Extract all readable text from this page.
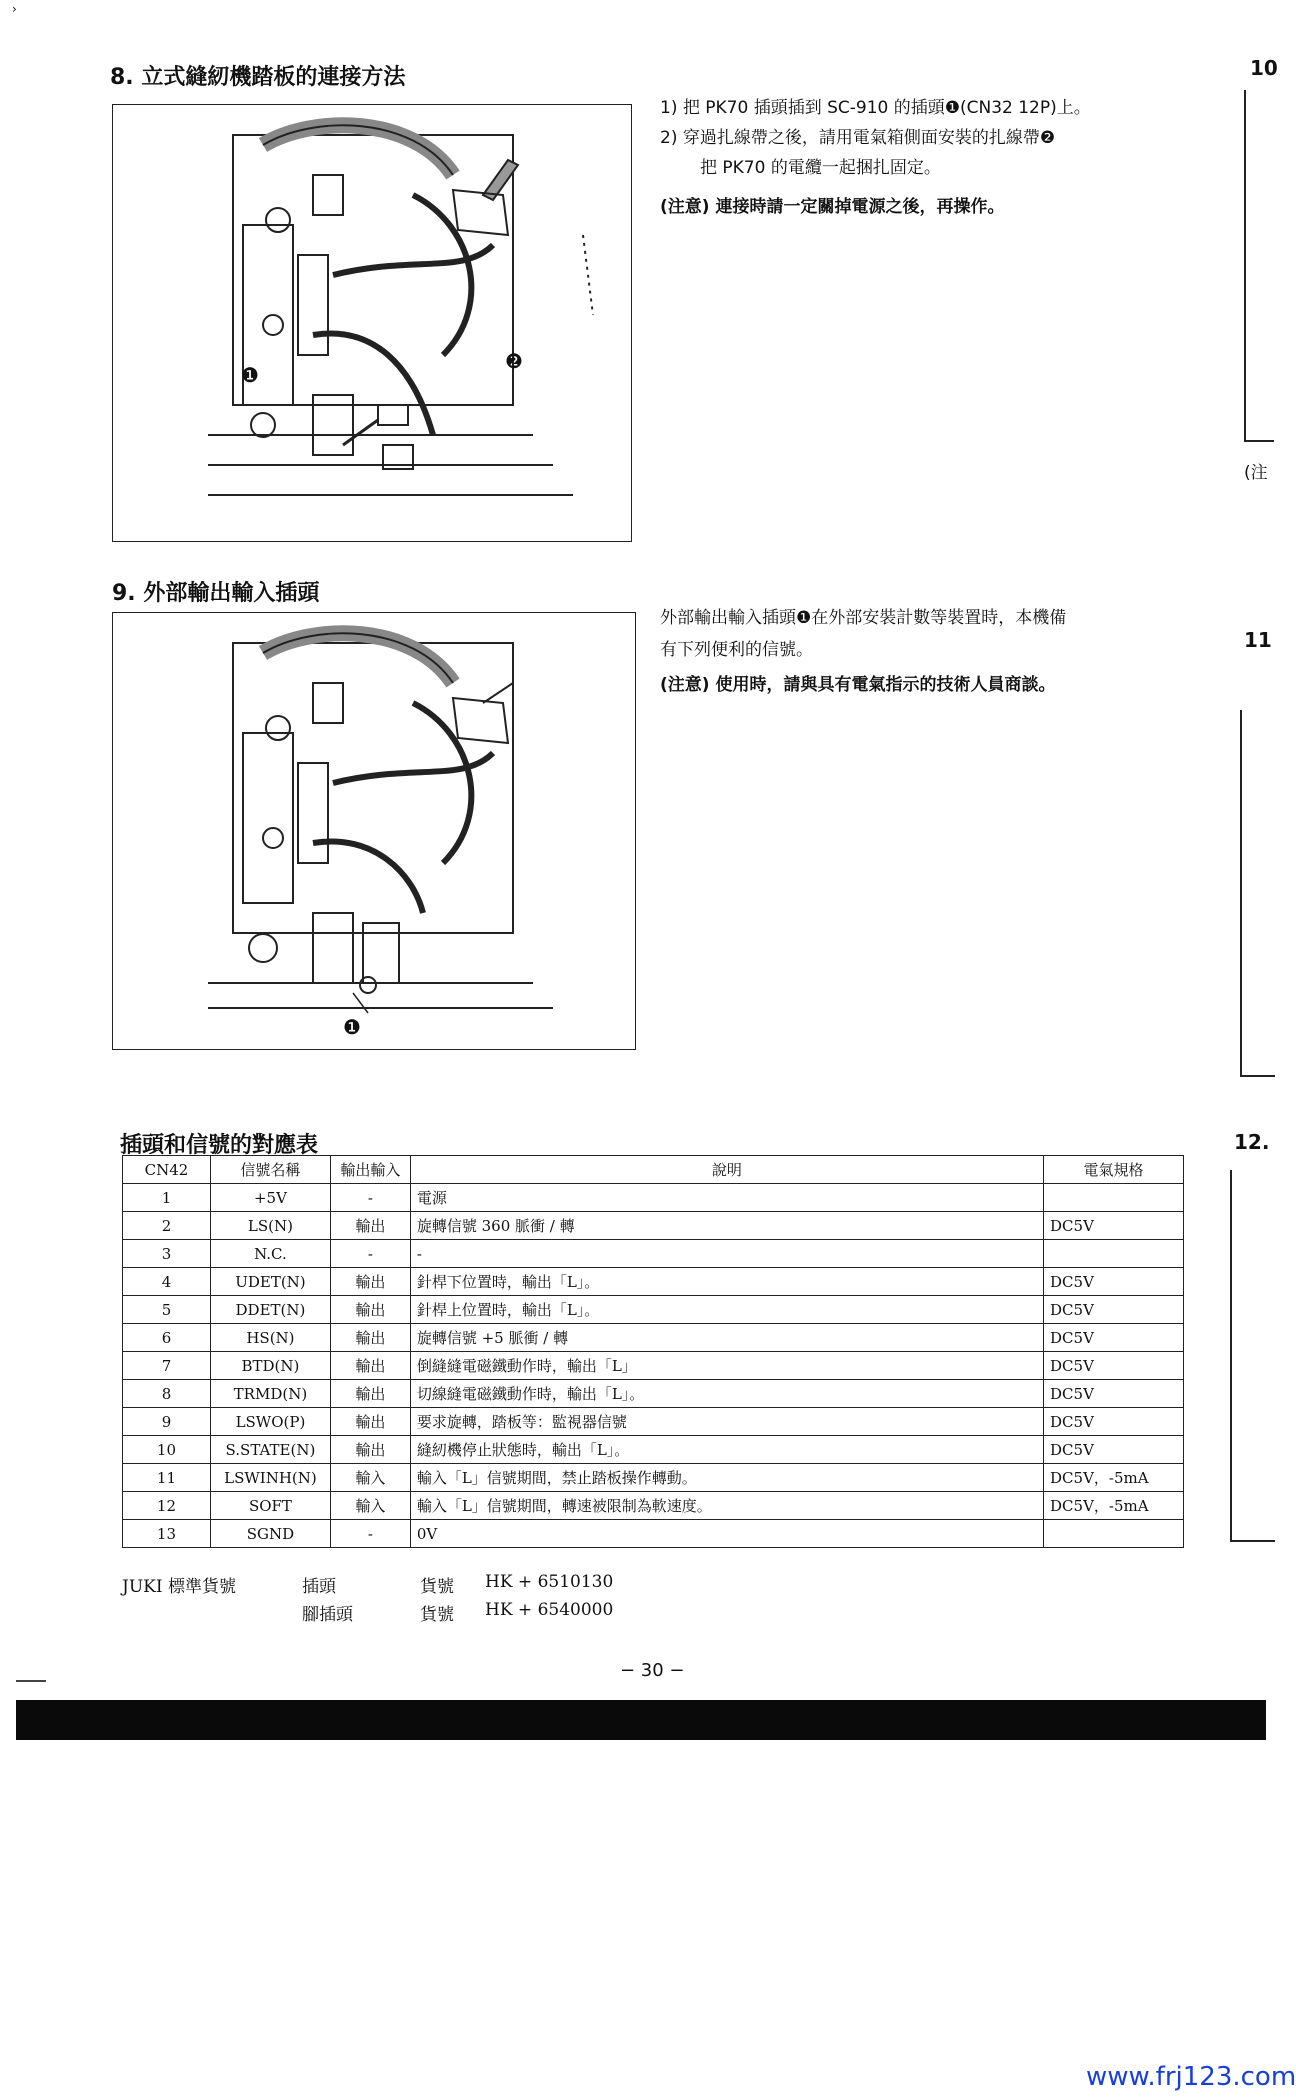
›
8. 立式縫紉機踏板的連接方法
❶
❷
1) 把 PK70 插頭插到 SC-910 的插頭❶(CN32 12P)上。
2) 穿過扎線帶之後，請用電氣箱側面安裝的扎線帶❷
把 PK70 的電纜一起捆扎固定。
(注意) 連接時請一定關掉電源之後，再操作。
9. 外部輸出輸入插頭
❶
外部輸出輸入插頭❶在外部安裝計數等裝置時，本機備
有下列便利的信號。
(注意) 使用時，請與具有電氣指示的技術人員商談。
插頭和信號的對應表
CN42	信號名稱	輸出輸入	說明	電氣規格
1	+5V	-	電源	
2	LS(N)	輸出	旋轉信號 360 脈衝 / 轉	DC5V
3	N.C.	-	-	
4	UDET(N)	輸出	針桿下位置時，輸出「L」。	DC5V
5	DDET(N)	輸出	針桿上位置時，輸出「L」。	DC5V
6	HS(N)	輸出	旋轉信號 +5 脈衝 / 轉	DC5V
7	BTD(N)	輸出	倒縫縫電磁鐵動作時，輸出「L」	DC5V
8	TRMD(N)	輸出	切線縫電磁鐵動作時，輸出「L」。	DC5V
9	LSWO(P)	輸出	要求旋轉，踏板等：監視器信號	DC5V
10	S.STATE(N)	輸出	縫紉機停止狀態時，輸出「L」。	DC5V
11	LSWINH(N)	輸入	輸入「L」信號期間，禁止踏板操作轉動。	DC5V，-5mA
12	SOFT	輸入	輸入「L」信號期間，轉速被限制為軟速度。	DC5V，-5mA
13	SGND	-	0V	
JUKI 標準貨號	插頭	貨號 HK + 6510130
腳插頭	貨號 HK + 6540000
− 30 −
10
(注
11
12.
www.frj123.com
